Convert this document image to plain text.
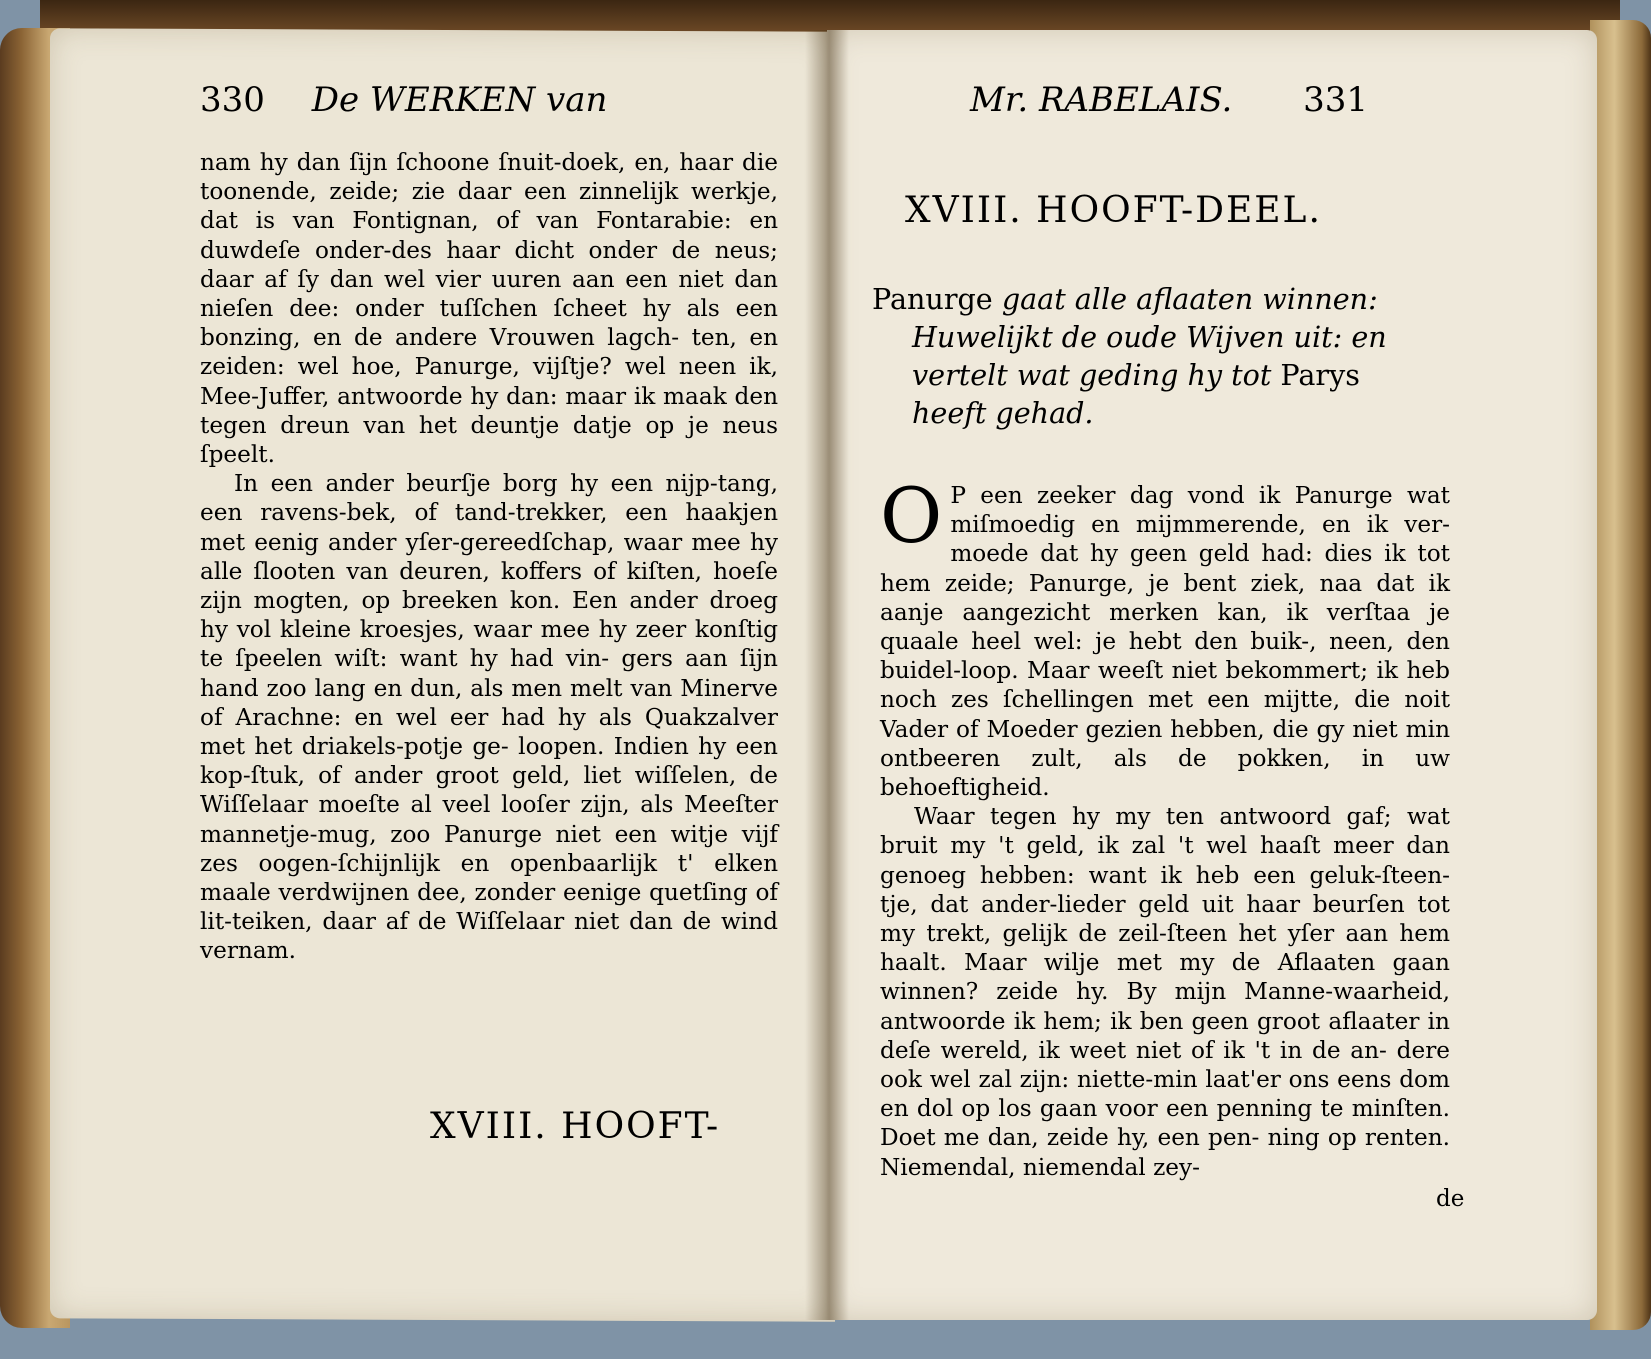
330 De WERKEN van

nam hy dan ſijn ſchoone ſnuit-doek, en, haar die toonende, zeide; zie daar een zinnelijk werkje, dat is van Fontignan, of van Fontarabie: en duwdeſe onder-des haar dicht onder de neus; daar af ſy dan wel vier uuren aan een niet dan nieſen dee: onder tuſſchen ſcheet hy als een bonzing, en de andere Vrouwen lagch- ten, en zeiden: wel hoe, Panurge, vijſtje? wel neen ik, Mee-Juffer, antwoorde hy dan: maar ik maak den tegen dreun van het deuntje datje op je neus ſpeelt.

In een ander beurſje borg hy een nijp-tang, een ravens-bek, of tand-trekker, een haakjen met eenig ander yſer-gereedſchap, waar mee hy alle ſlooten van deuren, koffers of kiſten, hoeſe zijn mogten, op breeken kon. Een ander droeg hy vol kleine kroesjes, waar mee hy zeer konſtig te ſpeelen wiſt: want hy had vin- gers aan ſijn hand zoo lang en dun, als men melt van Minerve of Arachne: en wel eer had hy als Quakzalver met het driakels-potje ge- loopen. Indien hy een kop-ſtuk, of ander groot geld, liet wiſſelen, de Wiſſelaar moeſte al veel looſer zijn, als Meeſter mannetje-mug, zoo Panurge niet een witje vijf zes oogen-ſchijnlijk en openbaarlijk t' elken maale verdwijnen dee, zonder eenige quetſing of lit-teiken, daar af de Wiſſelaar niet dan de wind vernam.

XVIII. HOOFT-
Mr. RABELAIS. 331
XVIII. HOOFT-DEEL.
Panurge gaat alle aflaaten winnen:
Huwelijkt de oude Wijven uit: en
vertelt wat geding hy tot Parys
heeft gehad.

O P een zeeker dag vond ik Panurge wat miſmoedig en mijmmerende, en ik ver- moede dat hy geen geld had: dies ik tot hem zeide; Panurge, je bent ziek, naa dat ik aanje aangezicht merken kan, ik verſtaa je quaale heel wel: je hebt den buik-, neen, den buidel-loop. Maar weeſt niet bekommert; ik heb noch zes ſchellingen met een mijtte, die noit Vader of Moeder gezien hebben, die gy niet min ontbeeren zult, als de pokken, in uw behoeftigheid.

Waar tegen hy my ten antwoord gaf; wat bruit my 't geld, ik zal 't wel haaſt meer dan genoeg hebben: want ik heb een geluk-ſteen- tje, dat ander-lieder geld uit haar beurſen tot my trekt, gelijk de zeil-ſteen het yſer aan hem haalt. Maar wilje met my de Aflaaten gaan winnen? zeide hy. By mijn Manne-waarheid, antwoorde ik hem; ik ben geen groot aflaater in deſe wereld, ik weet niet of ik 't in de an- dere ook wel zal zijn: niette-min laat'er ons eens dom en dol op los gaan voor een penning te minſten. Doet me dan, zeide hy, een pen- ning op renten. Niemendal, niemendal zey-

de
